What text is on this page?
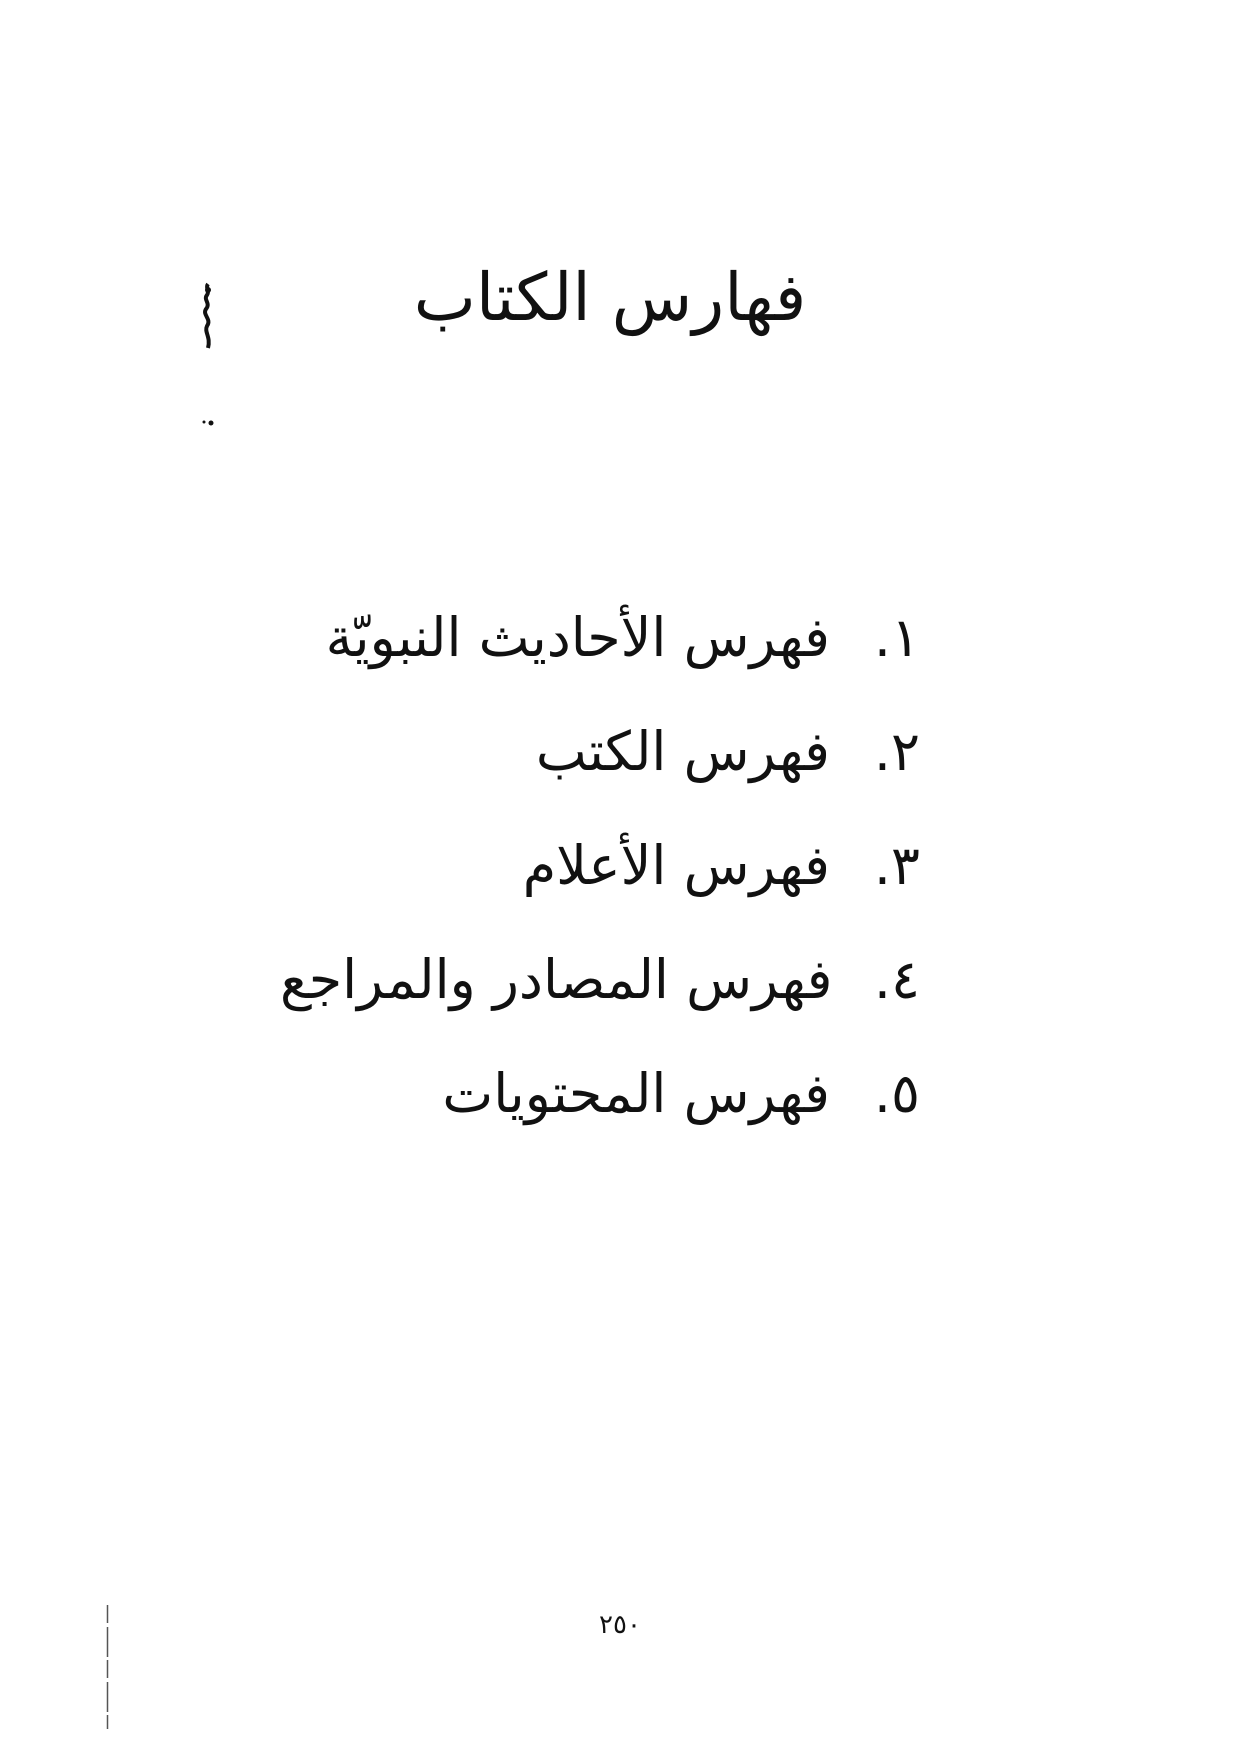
فهارس الكتاب
١.
فهرس الأحاديث النبويّة
٢.
فهرس الكتب
٣.
فهرس الأعلام
٤.
فهرس المصادر والمراجع
٥.
فهرس المحتويات
٢٥٠
